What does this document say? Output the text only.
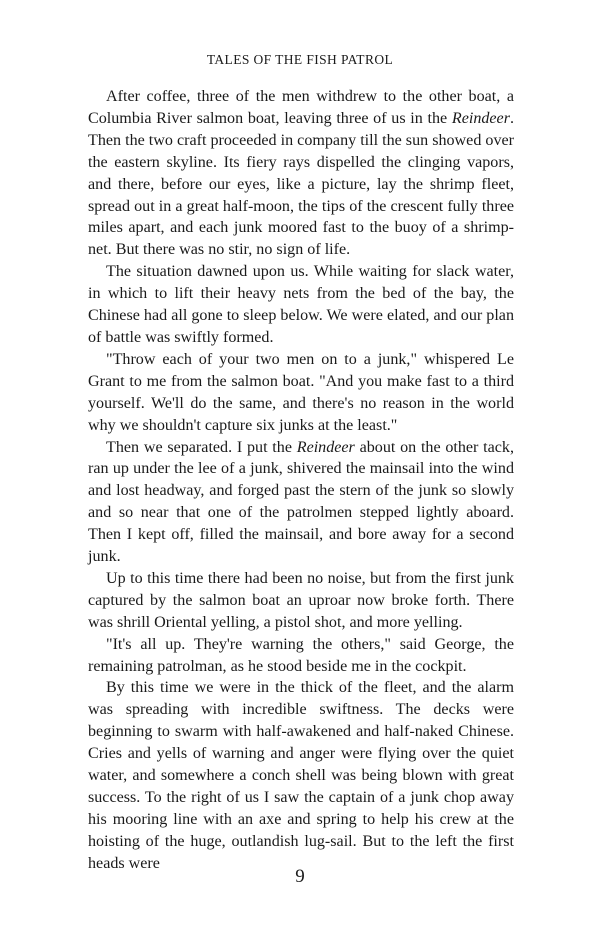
TALES OF THE FISH PATROL

After coffee, three of the men withdrew to the other boat, a Columbia River salmon boat, leaving three of us in the Reindeer. Then the two craft proceeded in company till the sun showed over the eastern skyline. Its fiery rays dispelled the clinging vapors, and there, before our eyes, like a picture, lay the shrimp fleet, spread out in a great half-moon, the tips of the crescent fully three miles apart, and each junk moored fast to the buoy of a shrimp-net. But there was no stir, no sign of life.

The situation dawned upon us. While waiting for slack water, in which to lift their heavy nets from the bed of the bay, the Chinese had all gone to sleep below. We were elated, and our plan of battle was swiftly formed.

"Throw each of your two men on to a junk," whispered Le Grant to me from the salmon boat. "And you make fast to a third yourself. We'll do the same, and there's no reason in the world why we shouldn't capture six junks at the least."

Then we separated. I put the Reindeer about on the other tack, ran up under the lee of a junk, shivered the mainsail into the wind and lost headway, and forged past the stern of the junk so slowly and so near that one of the patrolmen stepped lightly aboard. Then I kept off, filled the mainsail, and bore away for a second junk.

Up to this time there had been no noise, but from the first junk captured by the salmon boat an uproar now broke forth. There was shrill Oriental yelling, a pistol shot, and more yelling.

"It's all up. They're warning the others," said George, the remaining patrolman, as he stood beside me in the cockpit.

By this time we were in the thick of the fleet, and the alarm was spreading with incredible swiftness. The decks were beginning to swarm with half-awakened and half-naked Chinese. Cries and yells of warning and anger were flying over the quiet water, and somewhere a conch shell was being blown with great success. To the right of us I saw the captain of a junk chop away his mooring line with an axe and spring to help his crew at the hoisting of the huge, outlandish lug-sail. But to the left the first heads were

9
